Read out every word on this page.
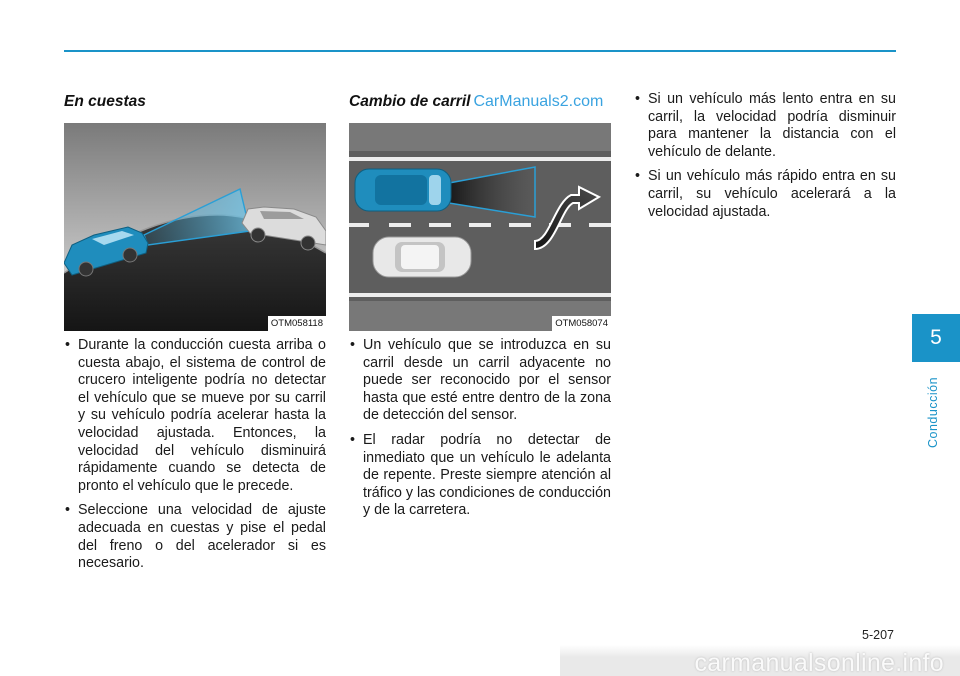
En cuestas
OTM058118
• Durante la conducción cuesta arriba o cuesta abajo, el sistema de control de crucero inteligente podría no detectar el vehículo que se mueve por su carril y su vehículo podría acelerar hasta la velocidad ajustada. Entonces, la velocidad del vehículo disminuirá rápidamente cuando se detecta de pronto el vehículo que le precede.
• Seleccione una velocidad de ajuste adecuada en cuestas y pise el pedal del freno o del acelerador si es necesario.
Cambio de carril CarManuals2.com
OTM058074
• Un vehículo que se introduzca en su carril desde un carril adyacente no puede ser reconocido por el sensor hasta que esté entre dentro de la zona de detección del sensor.
• El radar podría no detectar de inmediato que un vehículo le adelanta de repente. Preste siempre atención al tráfico y las condiciones de conducción y de la carretera.
• Si un vehículo más lento entra en su carril, la velocidad podría disminuir para mantener la distancia con el vehículo de delante.
• Si un vehículo más rápido entra en su carril, su vehículo acelerará a la velocidad ajustada.
5
Conducción
5-207
carmanualsonline.info
